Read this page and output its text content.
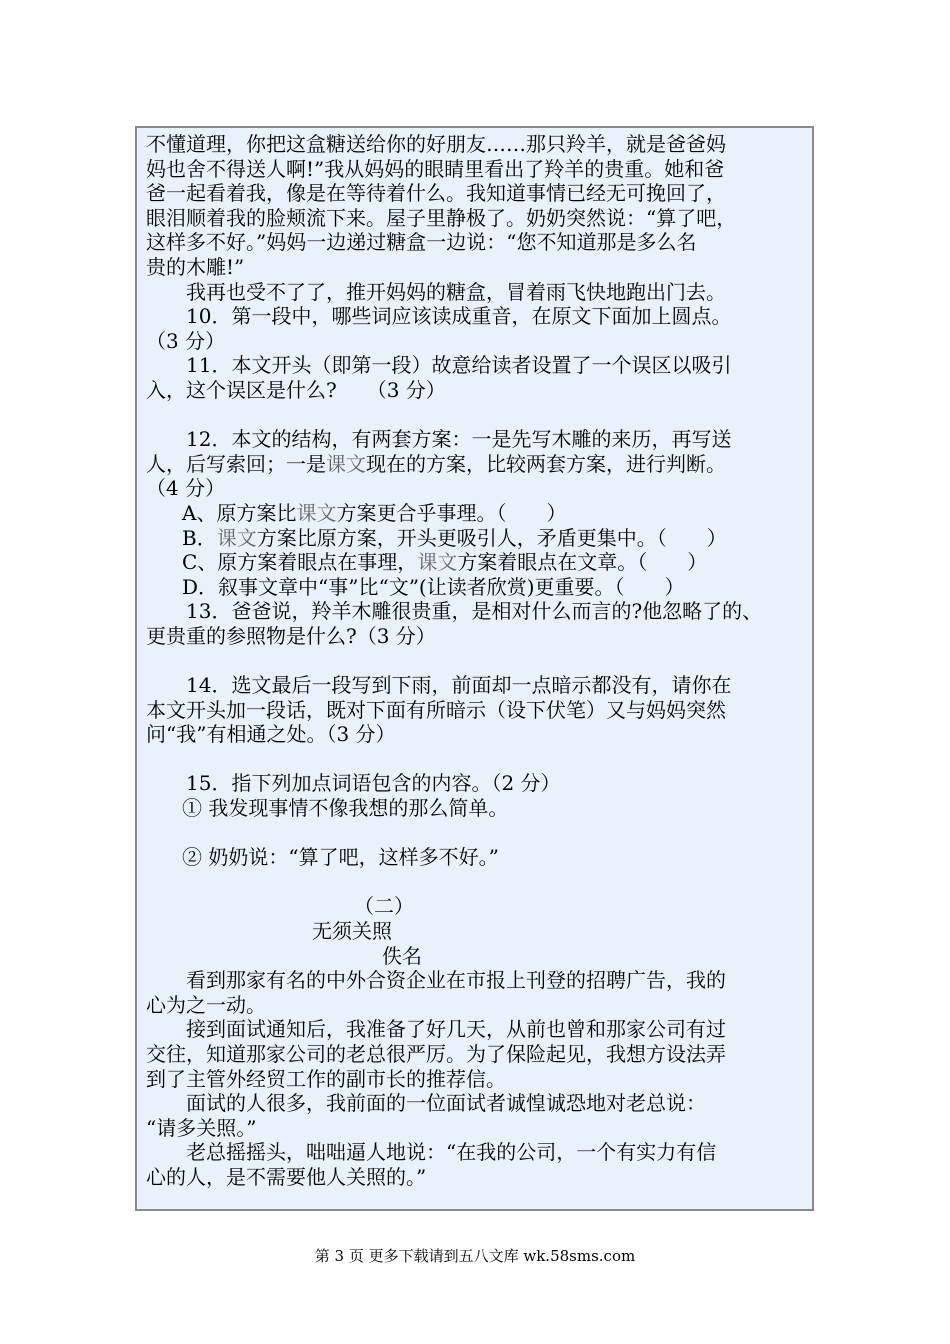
不懂道理，你把这盒糖送给你的好朋友……那只羚羊，就是爸爸妈
妈也舍不得送人啊!”我从妈妈的眼睛里看出了羚羊的贵重。她和爸
爸一起看着我，像是在等待着什么。我知道事情已经无可挽回了，
眼泪顺着我的脸颊流下来。屋子里静极了。奶奶突然说：“算了吧，
这样多不好。”妈妈一边递过糖盒一边说：“您不知道那是多么名
贵的木雕!”
我再也受不了了，推开妈妈的糖盒，冒着雨飞快地跑出门去。
10．第一段中，哪些词应该读成重音，在原文下面加上圆点。
（3 分）
11．本文开头（即第一段）故意给读者设置了一个误区以吸引
入，这个误区是什么?　　（3 分）
12．本文的结构，有两套方案：一是先写木雕的来历，再写送
人，后写索回；一是课文现在的方案，比较两套方案，进行判断。
（4 分）
A、原方案比课文方案更合乎事理。（　　）
B．课文方案比原方案，开头更吸引人，矛盾更集中。（　　）
C、原方案着眼点在事理，课文方案着眼点在文章。（　　）
D．叙事文章中“事”比“文”(让读者欣赏)更重要。（　　）
13．爸爸说，羚羊木雕很贵重，是相对什么而言的?他忽略了的、
更贵重的参照物是什么?（3 分）
14．选文最后一段写到下雨，前面却一点暗示都没有，请你在
本文开头加一段话，既对下面有所暗示（设下伏笔）又与妈妈突然
问“我”有相通之处。（3 分）
15．指下列加点词语包含的内容。（2 分）
① 我发现事情不像我想的那么简单。
② 奶奶说：“算了吧，这样多不好。”
（二）
无须关照
佚名
看到那家有名的中外合资企业在市报上刊登的招聘广告，我的
心为之一动。
接到面试通知后，我准备了好几天，从前也曾和那家公司有过
交往，知道那家公司的老总很严厉。为了保险起见，我想方设法弄
到了主管外经贸工作的副市长的推荐信。
面试的人很多，我前面的一位面试者诚惶诚恐地对老总说：
“请多关照。”
老总摇摇头，咄咄逼人地说：“在我的公司，一个有实力有信
心的人，是不需要他人关照的。”
第 3 页 更多下载请到五八文库 wk.58sms.com
